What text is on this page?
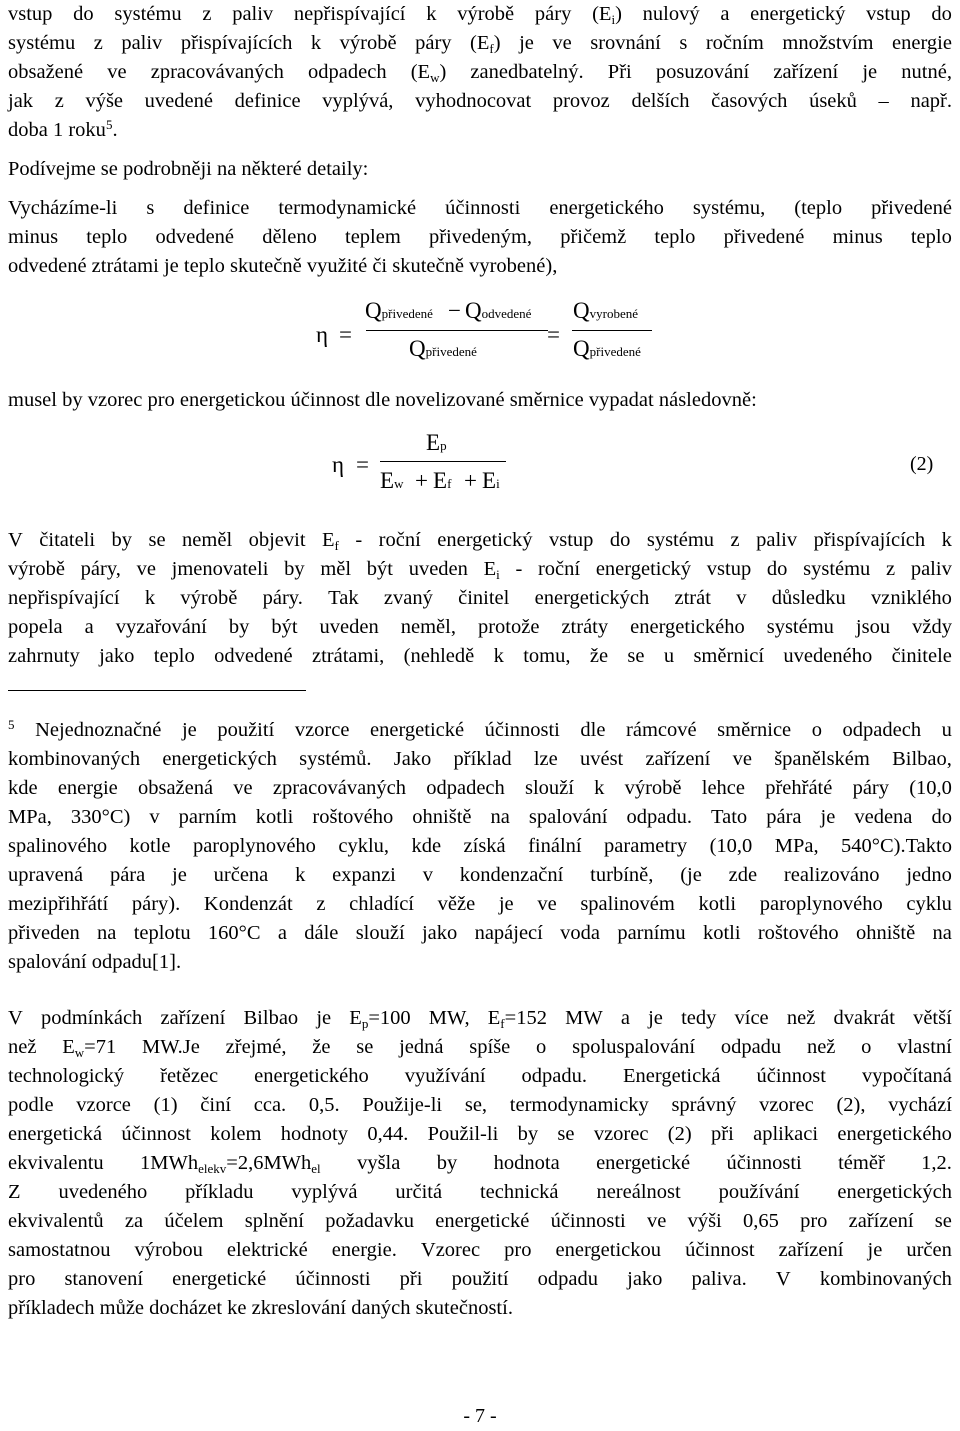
vstup do systému z paliv nepřispívající k výrobě páry $(E_i)$ nulový a energetický vstup do
systému z paliv přispívajících k výrobě páry $(E_f)$ je ve srovnání s ročním množstvím energie
obsažené ve zpracovávaných odpadech $(E_w)$ zanedbatelný. Při posuzování zařízení je nutné,
jak z výše uvedené definice vyplývá, vyhodnocovat provoz delších časových úseků – např.
doba 1 roku$^5$.
Podívejme se podrobněji na některé detaily:
Vycházíme-li s definice termodynamické účinnosti energetického systému, (teplo přivedené
minus teplo odvedené děleno teplem přivedeným, přičemž teplo přivedené minus teplo
odvedené ztrátami je teplo skutečně využité či skutečně vyrobené),
η =
Qpřivedené − Qodvedené
Qpřivedené
=
Qvyrobené
Qpřivedené
musel by vzorec pro energetickou účinnost dle novelizované směrnice vypadat následovně:
η =
Ep
Ew + Ef + Ei
(2)
V čitateli by se neměl objevit $E_f$ - roční energetický vstup do systému z paliv přispívajících k
výrobě páry, ve jmenovateli by měl být uveden $E_i$ - roční energetický vstup do systému z paliv
nepřispívající k výrobě páry. Tak zvaný činitel energetických ztrát v důsledku vzniklého
popela a vyzařování by být uveden neměl, protože ztráty energetického systému jsou vždy
zahrnuty jako teplo odvedené ztrátami, (nehledě k tomu, že se u směrnicí uvedeného činitele
$^5$ Nejednoznačné je použití vzorce energetické účinnosti dle rámcové směrnice o odpadech u
kombinovaných energetických systémů. Jako příklad lze uvést zařízení ve španělském Bilbao,
kde energie obsažená ve zpracovávaných odpadech slouží k výrobě lehce přehřáté páry (10,0
MPa, 330°C) v parním kotli roštového ohniště na spalování odpadu. Tato pára je vedena do
spalinového kotle paroplynového cyklu, kde získá finální parametry (10,0 MPa, 540°C).Takto
upravená pára je určena k expanzi v kondenzační turbíně, (je zde realizováno jedno
mezipřihřátí páry). Kondenzát z chladící věže je ve spalinovém kotli paroplynového cyklu
přiveden na teplotu 160°C a dále slouží jako napájecí voda parnímu kotli roštového ohniště na
spalování odpadu[1].
V podmínkách zařízení Bilbao je $E_p=100$ MW, $E_f=152$ MW a je tedy více než dvakrát větší
než $E_w=71$ MW.Je zřejmé, že se jedná spíše o spoluspalování odpadu než o vlastní
technologický řetězec energetického využívání odpadu. Energetická účinnost vypočítaná
podle vzorce (1) činí cca. 0,5. Použije-li se, termodynamicky správný vzorec (2), vychází
energetická účinnost kolem hodnoty 0,44. Použil-li by se vzorec (2) při aplikaci energetického
ekvivalentu 1MWh$_{elekv}$=2,6MWh$_{el}$ vyšla by hodnota energetické účinnosti téměř 1,2.
Z uvedeného příkladu vyplývá určitá technická nereálnost používání energetických
ekvivalentů za účelem splnění požadavku energetické účinnosti ve výši 0,65 pro zařízení se
samostatnou výrobou elektrické energie. Vzorec pro energetickou účinnost zařízení je určen
pro stanovení energetické účinnosti při použití odpadu jako paliva. V kombinovaných
příkladech může docházet ke zkreslování daných skutečností.
- 7 -
